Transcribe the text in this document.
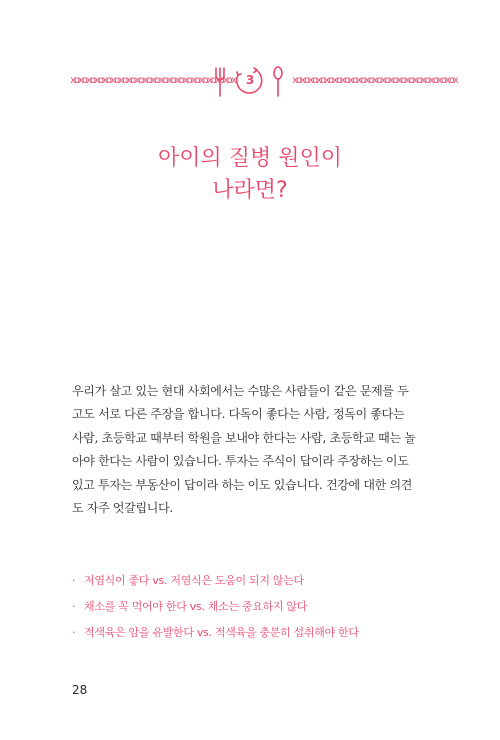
xoxoxoxoxoxoxoxoxoxoxoxoxoxoxoxoxoxoxoxox 3	xoxoxoxoxoxoxoxoxoxoxoxoxoxoxoxoxoxoxoxox
아이의 질병 원인이
나라면?

우리가 살고 있는 현대 사회에서는 수많은 사람들이 같은 문제를 두
고도 서로 다른 주장을 합니다. 다독이 좋다는 사람, 정독이 좋다는
사람, 초등학교 때부터 학원을 보내야 한다는 사람, 초등학교 때는 놀
아야 한다는 사람이 있습니다. 투자는 주식이 답이라 주장하는 이도
있고 투자는 부동산이 답이라 하는 이도 있습니다. 건강에 대한 의견
도 자주 엇갈립니다.

· 저염식이 좋다 vs. 저염식은 도움이 되지 않는다
· 채소를 꼭 먹어야 한다 vs. 채소는 중요하지 않다
· 적색육은 암을 유발한다 vs. 적색육을 충분히 섭취해야 한다
28
